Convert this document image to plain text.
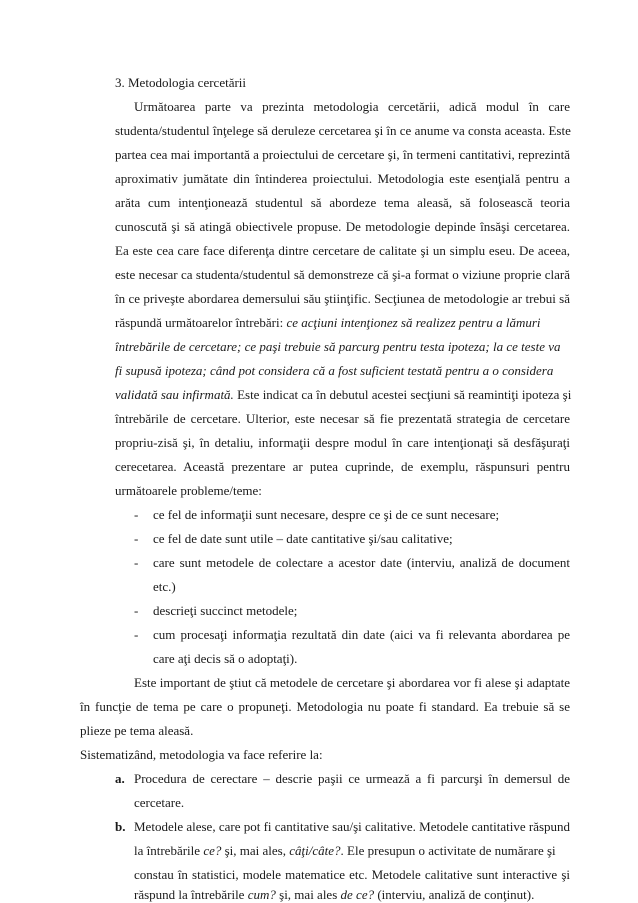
3. Metodologia cercetării
Următoarea parte va prezinta metodologia cercetării, adică modul în care
studenta/studentul înţelege să deruleze cercetarea şi în ce anume va consta aceasta. Este
partea cea mai importantă a proiectului de cercetare şi, în termeni cantitativi, reprezintă
aproximativ jumătate din întinderea proiectului. Metodologia este esenţială pentru a
arăta cum intenţionează studentul să abordeze tema aleasă, să folosească teoria
cunoscută şi să atingă obiectivele propuse. De metodologie depinde însăşi cercetarea.
Ea este cea care face diferenţa dintre cercetare de calitate şi un simplu eseu. De aceea,
este necesar ca studenta/studentul să demonstreze că şi-a format o viziune proprie clară
în ce priveşte abordarea demersului său ştiinţific. Secţiunea de metodologie ar trebui să
răspundă următoarelor întrebări: ce acţiuni intenţionez să realizez pentru a lămuri
întrebările de cercetare; ce paşi trebuie să parcurg pentru testa ipoteza; la ce teste va
fi supusă ipoteza; când pot considera că a fost suficient testată pentru a o considera
validată sau infirmată. Este indicat ca în debutul acestei secţiuni să reamintiţi ipoteza şi
întrebările de cercetare. Ulterior, este necesar să fie prezentată strategia de cercetare
propriu-zisă şi, în detaliu, informaţii despre modul în care intenţionaţi să desfăşuraţi
cerecetarea. Această prezentare ar putea cuprinde, de exemplu, răspunsuri pentru
următoarele probleme/teme:
- ce fel de informaţii sunt necesare, despre ce şi de ce sunt necesare;
- ce fel de date sunt utile – date cantitative şi/sau calitative;
- care sunt metodele de colectare a acestor date (interviu, analiză de document
etc.)
- descrieţi succinct metodele;
- cum procesaţi informaţia rezultată din date (aici va fi relevanta abordarea pe
care aţi decis să o adoptaţi).
Este important de ştiut că metodele de cercetare şi abordarea vor fi alese şi adaptate
în funcţie de tema pe care o propuneţi. Metodologia nu poate fi standard. Ea trebuie să se
plieze pe tema aleasă.
Sistematizând, metodologia va face referire la:
a. Procedura de cerectare – descrie paşii ce urmează a fi parcurşi în demersul de
cercetare.
b. Metodele alese, care pot fi cantitative sau/şi calitative. Metodele cantitative răspund
la întrebările ce? şi, mai ales, câţi/câte?. Ele presupun o activitate de numărare şi
constau în statistici, modele matematice etc. Metodele calitative sunt interactive şi
răspund la întrebările cum? şi, mai ales de ce? (interviu, analiză de conţinut).
